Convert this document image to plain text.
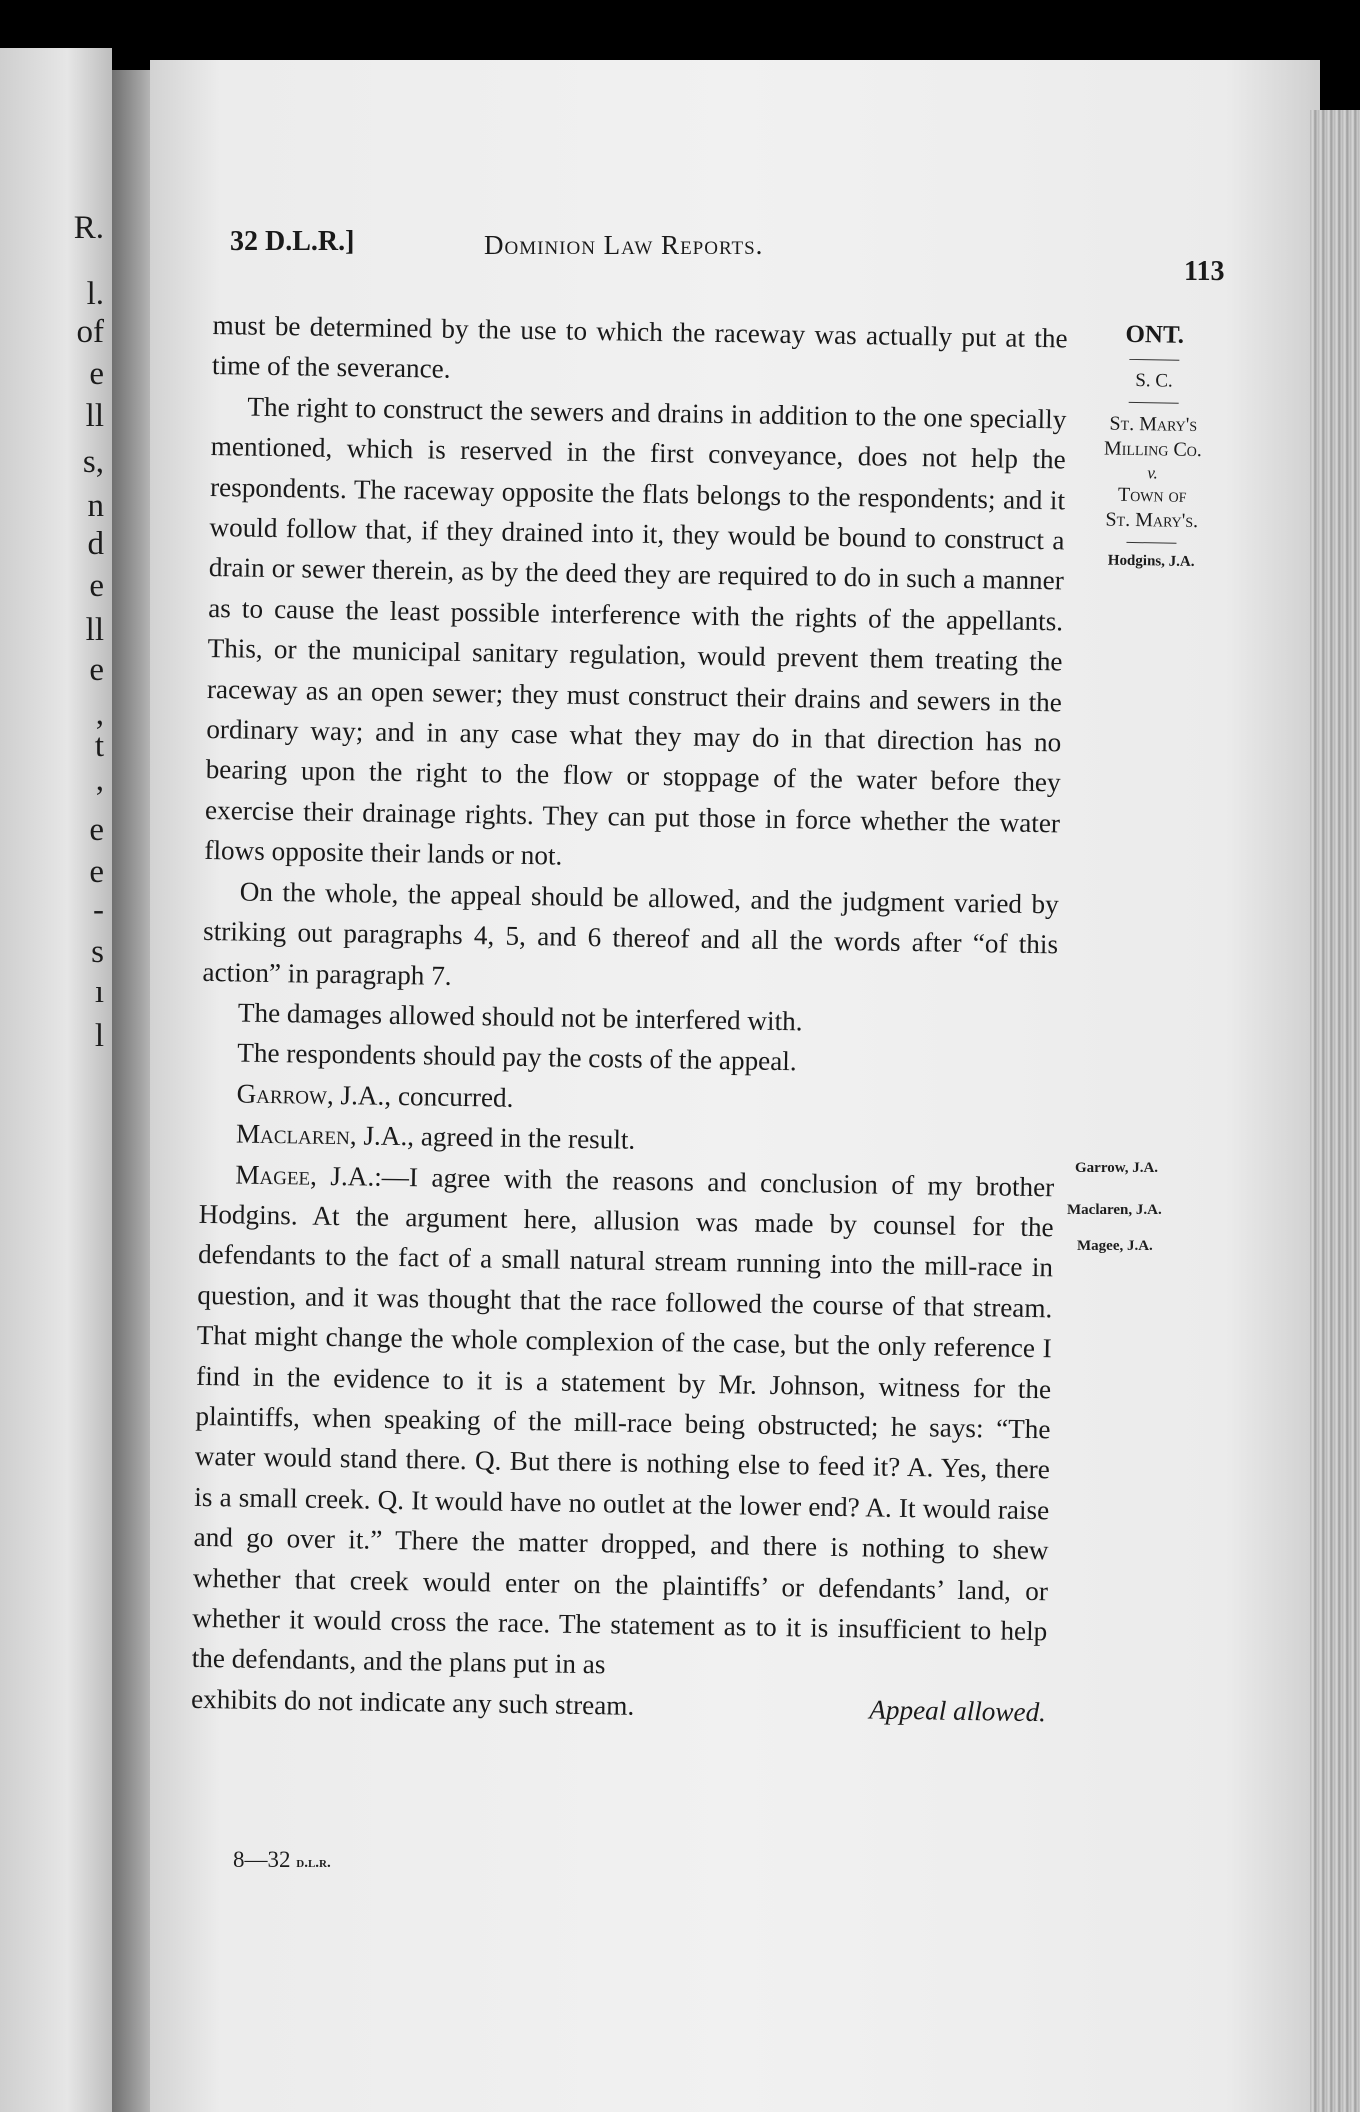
R.
l.
of
e
ll
s,
n
d
e
ll
e
,
t
,
e
e
-
s
ı
l
32 D.L.R.]	Dominion Law Reports.
113
ONT.
S. C.
St. Mary's
Milling Co.
v.
Town of
St. Mary's.
Hodgins, J.A.
Garrow, J.A.
Maclaren, J.A.
Magee, J.A.

must be determined by the use to which the raceway was actually put at the time of the severance.

The right to construct the sewers and drains in addition to the one specially mentioned, which is reserved in the first conveyance, does not help the respondents. The raceway opposite the flats belongs to the respondents; and it would follow that, if they drained into it, they would be bound to construct a drain or sewer therein, as by the deed they are required to do in such a manner as to cause the least possible interference with the rights of the appellants. This, or the municipal sanitary regulation, would prevent them treating the raceway as an open sewer; they must construct their drains and sewers in the ordinary way; and in any case what they may do in that direction has no bearing upon the right to the flow or stoppage of the water before they exercise their drainage rights. They can put those in force whether the water flows opposite their lands or not.

On the whole, the appeal should be allowed, and the judgment varied by striking out paragraphs 4, 5, and 6 thereof and all the words after “of this action” in paragraph 7.

The damages allowed should not be interfered with.

The respondents should pay the costs of the appeal.

Garrow, J.A., concurred.

Maclaren, J.A., agreed in the result.

Magee, J.A.:—I agree with the reasons and conclusion of my brother Hodgins. At the argument here, allusion was made by counsel for the defendants to the fact of a small natural stream running into the mill-race in question, and it was thought that the race followed the course of that stream. That might change the whole complexion of the case, but the only reference I find in the evidence to it is a statement by Mr. Johnson, witness for the plaintiffs, when speaking of the mill-race being obstructed; he says: “The water would stand there. Q. But there is nothing else to feed it? A. Yes, there is a small creek. Q. It would have no outlet at the lower end? A. It would raise and go over it.” There the matter dropped, and there is nothing to shew whether that creek would enter on the plaintiffs’ or defendants’ land, or whether it would cross the race. The statement as to it is insufficient to help the defendants, and the plans put in as

exhibits do not indicate any such stream.	Appeal allowed.
8—32 d.l.r.
